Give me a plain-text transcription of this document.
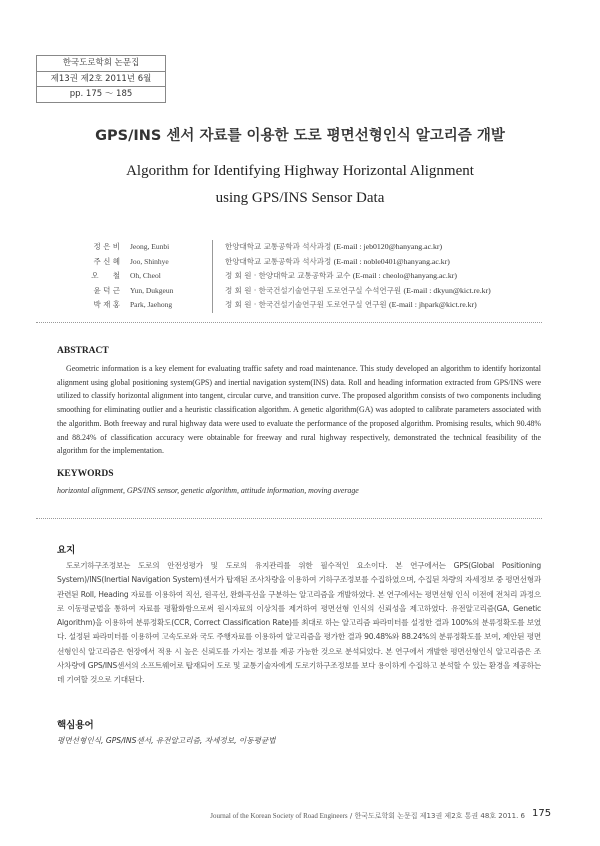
한국도로학회 논문집
제13권 제2호 2011년 6월
pp. 175 ～ 185
GPS/INS 센서 자료를 이용한 도로 평면선형인식 알고리즘 개발
Algorithm for Identifying Highway Horizontal Alignment
using GPS/INS Sensor Data
정 은 비	Jeong, Eunbi	한양대학교 교통공학과 석사과정 (E-mail : jeb0120@hanyang.ac.kr)
주 신 혜	Joo, Shinhye	한양대학교 교통공학과 석사과정 (E-mail : noble0401@hanyang.ac.kr)
오      철	Oh, Cheol	정 회 원 · 한양대학교 교통공학과 교수 (E-mail : cheolo@hanyang.ac.kr)
윤 덕 근	Yun, Dukgeun	정 회 원 · 한국건설기술연구원 도로연구실 수석연구원 (E-mail : dkyun@kict.re.kr)
박 재 홍	Park, Jaehong	정 회 원 · 한국건설기술연구원 도로연구실 연구원 (E-mail : jhpark@kict.re.kr)
ABSTRACT
Geometric information is a key element for evaluating traffic safety and road maintenance. This study developed an algorithm to identify horizontal alignment using global positioning system(GPS) and inertial navigation system(INS) data. Roll and heading information extracted from GPS/INS were utilized to classify horizontal alignment into tangent, circular curve, and transition curve. The proposed algorithm consists of two components including smoothing for eliminating outlier and a heuristic classification algorithm. A genetic algorithm(GA) was adopted to calibrate parameters associated with the algorithm. Both freeway and rural highway data were used to evaluate the performance of the proposed algorithm. Promising results, which 90.48% and 88.24% of classification accuracy were obtainable for freeway and rural highway respectively, demonstrated the technical feasibility of the algorithm for the implementation.
KEYWORDS
horizontal alignment, GPS/INS sensor, genetic algorithm, attitude information, moving average
요지
도로기하구조정보는 도로의 안전성평가 및 도로의 유지관리를 위한 필수적인 요소이다. 본 연구에서는 GPS(Global Positioning System)/INS(Inertial Navigation System)센서가 탑재된 조사차량을 이용하여 기하구조정보를 수집하였으며, 수집된 차량의 자세정보 중 평면선형과 관련된 Roll, Heading 자료를 이용하여 직선, 원곡선, 완화곡선을 구분하는 알고리즘을 개발하였다. 본 연구에서는 평면선형 인식 이전에 전처리 과정으로 이동평균법을 통하여 자료를 평활화함으로써 원시자료의 이상치를 제거하여 평면선형 인식의 신뢰성을 제고하였다. 유전알고리즘(GA, Genetic Algorithm)을 이용하여 분류정확도(CCR, Correct Classification Rate)를 최대로 하는 알고리즘 파라미터를 설정한 결과 100%의 분류정확도를 보였다. 설정된 파라미터를 이용하여 고속도로와 국도 주행자료를 이용하여 알고리즘을 평가한 결과 90.48%와 88.24%의 분류정확도를 보여, 제안된 평면선형인식 알고리즘은 현장에서 적용 시 높은 신뢰도를 가지는 정보를 제공 가능한 것으로 분석되었다. 본 연구에서 개발한 평면선형인식 알고리즘은 조사차량에 GPS/INS센서의 소프트웨어로 탑재되어 도로 및 교통기술자에게 도로기하구조정보를 보다 용이하게 수집하고 분석할 수 있는 환경을 제공하는데 기여할 것으로 기대된다.
핵심용어
평면선형인식, GPS/INS센서, 유전알고리즘, 자세정보, 이동평균법
Journal of the Korean Society of Road Engineers / 한국도로학회 논문집 제13권 제2호 통권 48호 2011. 6 175
